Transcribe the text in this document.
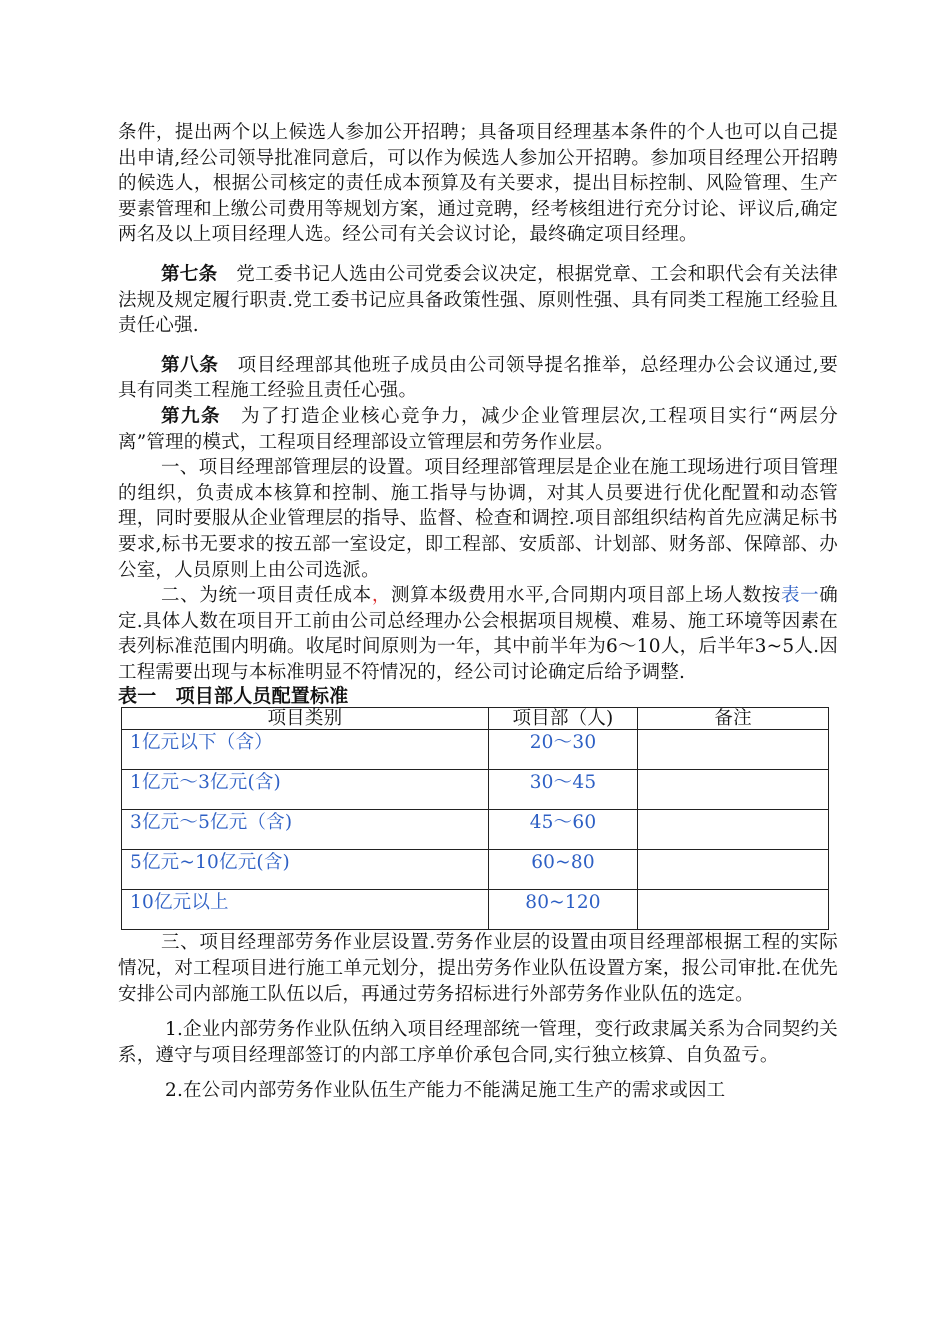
条件，提出两个以上候选人参加公开招聘；具备项目经理基本条件的个人也可以自己提出申请,经公司领导批准同意后，可以作为候选人参加公开招聘。参加项目经理公开招聘的候选人，根据公司核定的责任成本预算及有关要求，提出目标控制、风险管理、生产要素管理和上缴公司费用等规划方案，通过竞聘，经考核组进行充分讨论、评议后,确定两名及以上项目经理人选。经公司有关会议讨论，最终确定项目经理。

第七条　党工委书记人选由公司党委会议决定，根据党章、工会和职代会有关法律法规及规定履行职责.党工委书记应具备政策性强、原则性强、具有同类工程施工经验且责任心强.

第八条　项目经理部其他班子成员由公司领导提名推举，总经理办公会议通过,要具有同类工程施工经验且责任心强。

第九条　为了打造企业核心竞争力，减少企业管理层次,工程项目实行“两层分离”管理的模式，工程项目经理部设立管理层和劳务作业层。

一、项目经理部管理层的设置。项目经理部管理层是企业在施工现场进行项目管理的组织，负责成本核算和控制、施工指导与协调，对其人员要进行优化配置和动态管理，同时要服从企业管理层的指导、监督、检查和调控.项目部组织结构首先应满足标书要求,标书无要求的按五部一室设定，即工程部、安质部、计划部、财务部、保障部、办公室，人员原则上由公司选派。

二、为统一项目责任成本，测算本级费用水平,合同期内项目部上场人数按表一确定.具体人数在项目开工前由公司总经理办公会根据项目规模、难易、施工环境等因素在表列标准范围内明确。收尾时间原则为一年，其中前半年为6～10人，后半年3~5人.因工程需要出现与本标准明显不符情况的，经公司讨论确定后给予调整.

表一　项目部人员配置标准

项目类别	项目部（人)	备注
1亿元以下（含）	20～30	
1亿元～3亿元(含)	30～45	
3亿元～5亿元（含)	45～60	
5亿元~10亿元(含)	60~80	
10亿元以上	80~120	

三、项目经理部劳务作业层设置.劳务作业层的设置由项目经理部根据工程的实际情况，对工程项目进行施工单元划分，提出劳务作业队伍设置方案，报公司审批.在优先安排公司内部施工队伍以后，再通过劳务招标进行外部劳务作业队伍的选定。

1.企业内部劳务作业队伍纳入项目经理部统一管理，变行政隶属关系为合同契约关系，遵守与项目经理部签订的内部工序单价承包合同,实行独立核算、自负盈亏。

2.在公司内部劳务作业队伍生产能力不能满足施工生产的需求或因工
